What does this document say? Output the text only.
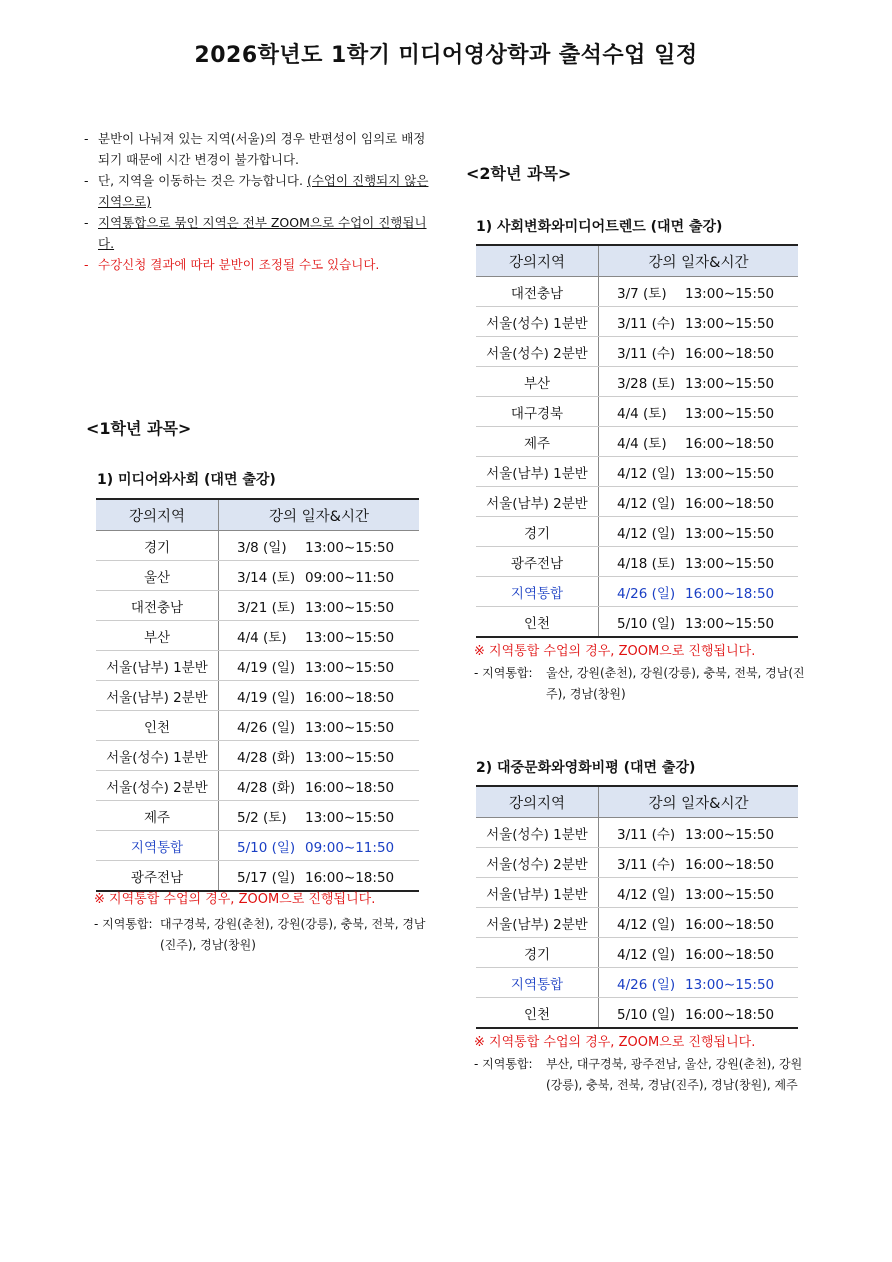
2026학년도 1학기 미디어영상학과 출석수업 일정
- 분반이 나눠져 있는 지역(서울)의 경우 반편성이 임의로 배정되기 때문에 시간 변경이 불가합니다.
- 단, 지역을 이동하는 것은 가능합니다. (수업이 진행되지 않은 지역으로)
- 지역통합으로 묶인 지역은 전부 ZOOM으로 수업이 진행됩니다.
- 수강신청 결과에 따라 분반이 조정될 수도 있습니다.
<1학년 과목>
1) 미디어와사회 (대면 출강)
강의지역	강의 일자&시간
경기	3/8 (일) 13:00∼15:50
울산	3/14 (토) 09:00∼11:50
대전충남	3/21 (토) 13:00∼15:50
부산	4/4 (토) 13:00∼15:50
서울(남부) 1분반	4/19 (일) 13:00∼15:50
서울(남부) 2분반	4/19 (일) 16:00∼18:50
인천	4/26 (일) 13:00∼15:50
서울(성수) 1분반	4/28 (화) 13:00∼15:50
서울(성수) 2분반	4/28 (화) 16:00∼18:50
제주	5/2 (토) 13:00∼15:50
지역통합	5/10 (일) 09:00∼11:50
광주전남	5/17 (일) 16:00∼18:50
※ 지역통합 수업의 경우, ZOOM으로 진행됩니다.
- 지역통합: 대구경북, 강원(춘천), 강원(강릉), 충북, 전북, 경남(진주), 경남(창원)
<2학년 과목>
1) 사회변화와미디어트렌드 (대면 출강)
강의지역	강의 일자&시간
대전충남	3/7 (토) 13:00∼15:50
서울(성수) 1분반	3/11 (수) 13:00∼15:50
서울(성수) 2분반	3/11 (수) 16:00∼18:50
부산	3/28 (토) 13:00∼15:50
대구경북	4/4 (토) 13:00∼15:50
제주	4/4 (토) 16:00∼18:50
서울(남부) 1분반	4/12 (일) 13:00∼15:50
서울(남부) 2분반	4/12 (일) 16:00∼18:50
경기	4/12 (일) 13:00∼15:50
광주전남	4/18 (토) 13:00∼15:50
지역통합	4/26 (일) 16:00∼18:50
인천	5/10 (일) 13:00∼15:50
※ 지역통합 수업의 경우, ZOOM으로 진행됩니다.
- 지역통합:	울산, 강원(춘천), 강원(강릉), 충북, 전북, 경남(진주), 경남(창원)
2) 대중문화와영화비평 (대면 출강)
강의지역	강의 일자&시간
서울(성수) 1분반	3/11 (수) 13:00∼15:50
서울(성수) 2분반	3/11 (수) 16:00∼18:50
서울(남부) 1분반	4/12 (일) 13:00∼15:50
서울(남부) 2분반	4/12 (일) 16:00∼18:50
경기	4/12 (일) 16:00∼18:50
지역통합	4/26 (일) 13:00∼15:50
인천	5/10 (일) 16:00∼18:50
※ 지역통합 수업의 경우, ZOOM으로 진행됩니다.
- 지역통합:	부산, 대구경북, 광주전남, 울산, 강원(춘천), 강원(강릉), 충북, 전북, 경남(진주), 경남(창원), 제주
